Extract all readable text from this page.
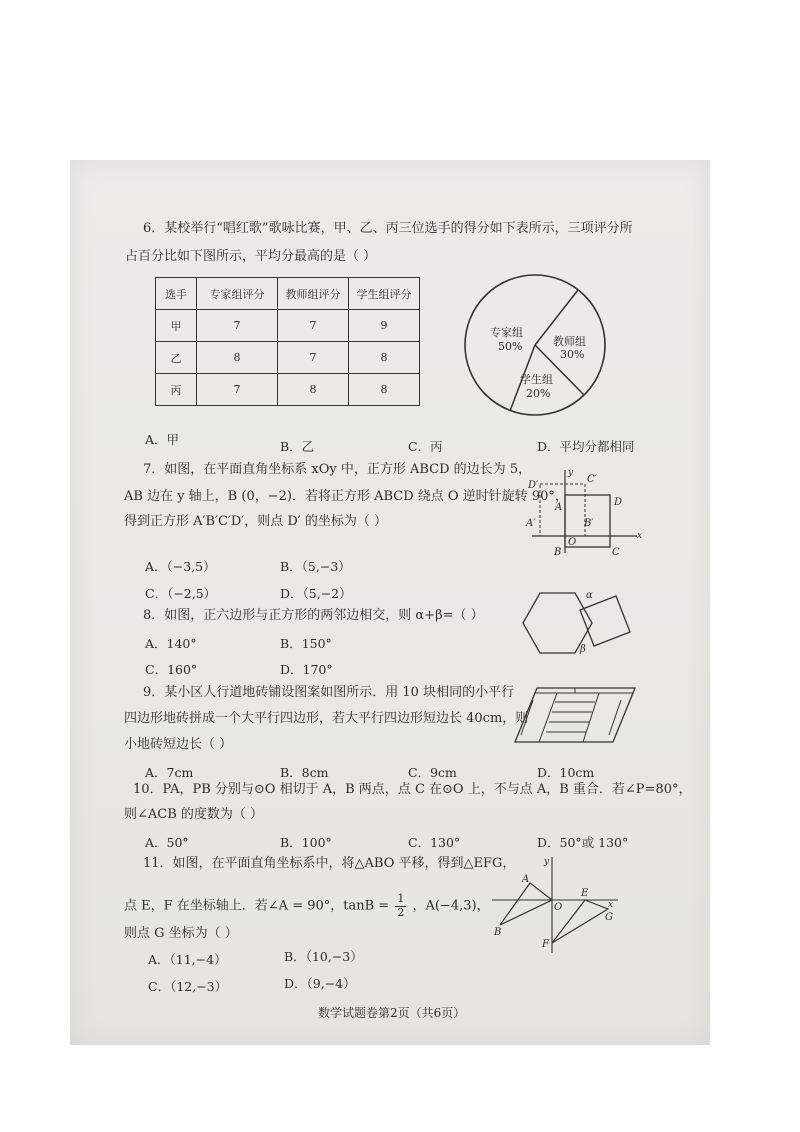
6．某校举行“唱红歌”歌咏比赛，甲、乙、丙三位选手的得分如下表所示，三项评分所
占百分比如下图所示，平均分最高的是（ ）
选手	专家组评分	教师组评分	学生组评分
甲	7	7	9
乙	8	7	8
丙	7	8	8
专家组
50%	教师组
30%
学生组
20%
A．甲	B．乙	C．丙	D．平均分都相同
7．如图，在平面直角坐标系 xOy 中，正方形 ABCD 的边长为 5，
AB 边在 y 轴上，B (0，−2)．若将正方形 ABCD 绕点 O 逆时针旋转 90°，
得到正方形 A′B′C′D′，则点 D′ 的坐标为（ ）
y
x
D′
C′
A	D
A′	B′
O
B	C
A．（−3,5）	B．（5,−3）
C．（−2,5）	D．（5,−2）
8．如图，正六边形与正方形的两邻边相交，则 α+β=（ ）
A．140°	B．150°
C．160°	D．170°
α
β
9．某小区人行道地砖铺设图案如图所示．用 10 块相同的小平行
四边形地砖拼成一个大平行四边形，若大平行四边形短边长 40cm，则
小地砖短边长（ ）
A．7cm	B．8cm	C．9cm	D．10cm
10．PA，PB 分别与⊙O 相切于 A，B 两点，点 C 在⊙O 上，不与点 A，B 重合．若∠P=80°，
则∠ACB 的度数为（ ）
A．50°	B．100°	C．130°	D．50°或 130°
11．如图，在平面直角坐标系中，将△ABO 平移，得到△EFG，
点 E，F 在坐标轴上．若∠A = 90°，$\tan B = \frac{1}{2}$ ，A(−4,3)，
则点 G 坐标为（ ）
y
A
O
E
x
G
B
F
A．（11,−4）	B．（10,−3）
C．（12,−3）	D．（9,−4）
数学试题卷第2页（共6页）
